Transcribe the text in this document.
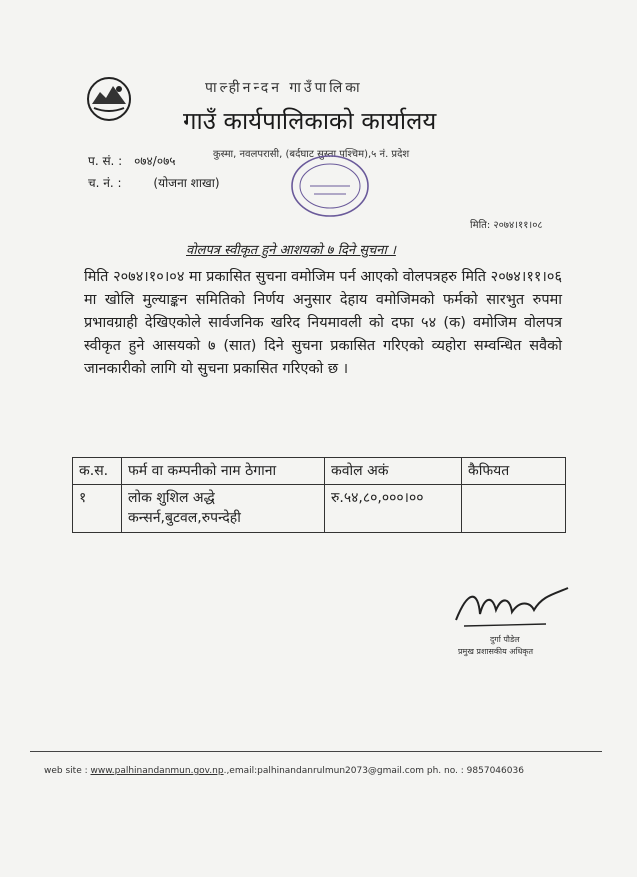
पाल्हीनन्दन गाउँपालिका
गाउँ कार्यपालिकाको कार्यालय
कुस्मा, नवलपरासी, (बर्दघाट सुस्ता पश्चिम),५ नं. प्रदेश
प. सं. : ०७४/०७५
च. नं. :	(योजना शाखा)
मिति: २०७४।११।०८
वोलपत्र स्वीकृत हुने आशयको ७ दिने सुचना ।
मिति २०७४।१०।०४ मा प्रकासित सुचना वमोजिम पर्न आएको वोलपत्रहरु मिति २०७४।११।०६ मा खोलि मुल्याङ्कन समितिको निर्णय अनुसार देहाय वमोजिमको फर्मको सारभुत रुपमा प्रभावग्राही देखिएकोले सार्वजनिक खरिद नियमावली को दफा ५४ (क) वमोजिम वोलपत्र स्वीकृत हुने आसयको ७ (सात) दिने सुचना प्रकासित गरिएको व्यहोरा सम्वन्धित सवैको जानकारीको लागि यो सुचना प्रकासित गरिएको छ ।
क.स.	फर्म वा कम्पनीको नाम ठेगाना	कवोल अकं	कैफियत
१	लोक शुशिल अद्धे कन्सर्न,बुटवल,रुपन्देही	रु.५४,८०,०००।००	
दुर्गा पौडेल
प्रमुख प्रशासकीय अधिकृत
web site : www.palhinandanmun.gov.np.,email:palhinandanrulmun2073@gmail.com ph. no. : 9857046036
